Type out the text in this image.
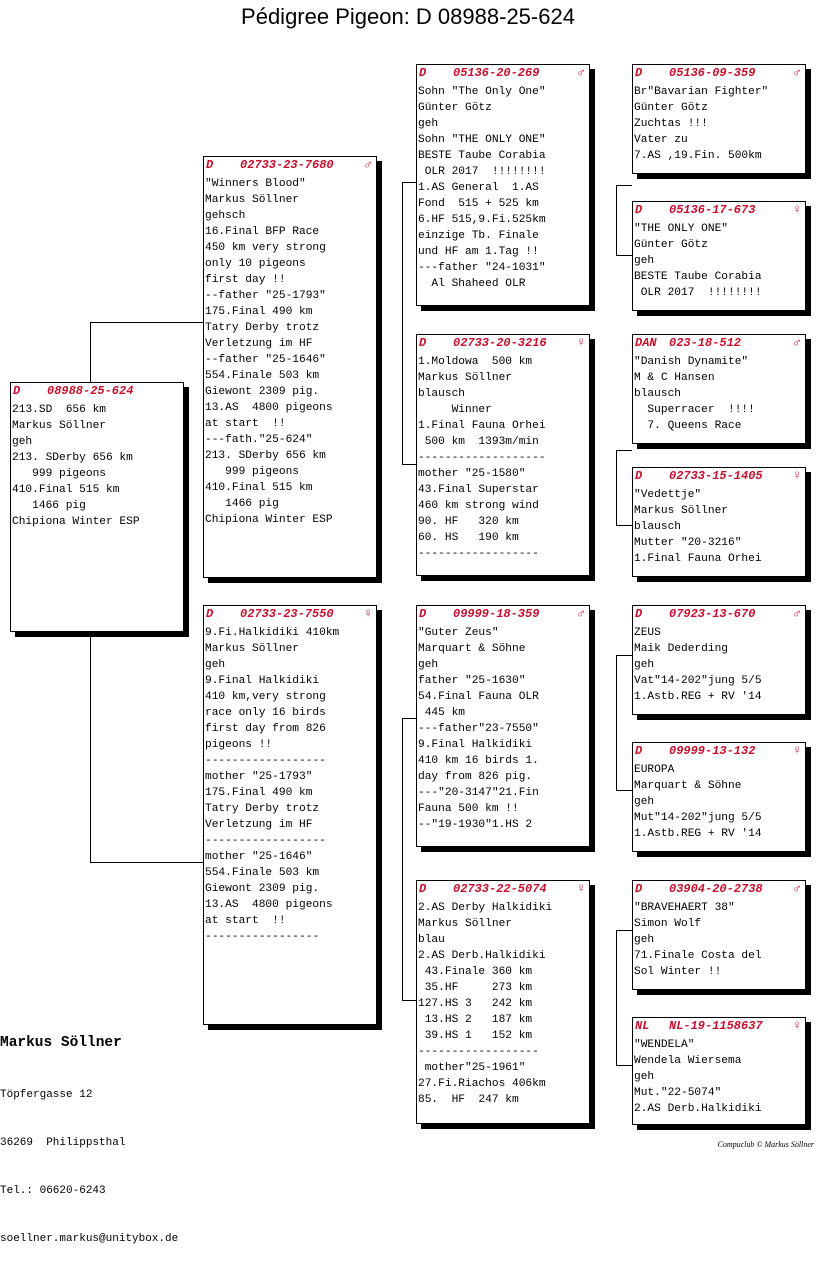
Pédigree Pigeon: D 08988-25-624
D 08988-25-624
213.SD  656 km
Markus Söllner
geh
213. SDerby 656 km
999 pigeons
410.Final 515 km
1466 pig
Chipiona Winter ESP
D 02733-23-7680 ♂
"Winners Blood"
Markus Söllner
gehsch
16.Final BFP Race
450 km very strong
only 10 pigeons
first day !!
--father "25-1793"
175.Final 490 km
Tatry Derby trotz
Verletzung im HF
--father "25-1646"
554.Finale 503 km
Giewont 2309 pig.
13.AS  4800 pigeons
at start  !!
---fath."25-624"
213. SDerby 656 km
999 pigeons
410.Final 515 km
1466 pig
Chipiona Winter ESP
D 02733-23-7550 ♀
9.Fi.Halkidiki 410km
Markus Söllner
geh
9.Final Halkidiki
410 km,very strong
race only 16 birds
first day from 826
pigeons !!
------------------
mother "25-1793"
175.Final 490 km
Tatry Derby trotz
Verletzung im HF
------------------
mother "25-1646"
554.Finale 503 km
Giewont 2309 pig.
13.AS  4800 pigeons
at start  !!
-----------------
D 05136-20-269	♂
Sohn "The Only One"
Günter Götz
geh
Sohn "THE ONLY ONE"
BESTE Taube Corabia
OLR 2017  !!!!!!!!
1.AS General  1.AS
Fond  515 + 525 km
6.HF 515,9.Fi.525km
einzige Tb. Finale
und HF am 1.Tag !!
---father "24-1031"
Al Shaheed OLR
D 02733-20-3216 ♀
1.Moldowa  500 km
Markus Söllner
blausch
Winner
1.Final Fauna Orhei
500 km  1393m/min
-------------------
mother "25-1580"
43.Final Superstar
460 km strong wind
90. HF   320 km
60. HS   190 km
------------------
D 09999-18-359	♂
"Guter Zeus"
Marquart & Söhne
geh
father "25-1630"
54.Final Fauna OLR
445 km
---father"23-7550"
9.Final Halkidiki
410 km 16 birds 1.
day from 826 pig.
---"20-3147"21.Fin
Fauna 500 km !!
--"19-1930"1.HS 2
D 02733-22-5074 ♀
2.AS Derby Halkidiki
Markus Söllner
blau
2.AS Derb.Halkidiki
43.Finale 360 km
35.HF     273 km
127.HS 3   242 km
13.HS 2   187 km
39.HS 1   152 km
------------------
mother"25-1961"
27.Fi.Riachos 406km
85.  HF  247 km
D 05136-09-359	♂
Br"Bavarian Fighter"
Günter Götz
Zuchtas !!!
Vater zu
7.AS ,19.Fin. 500km
D 05136-17-673	♀
"THE ONLY ONE"
Günter Götz
geh
BESTE Taube Corabia
OLR 2017  !!!!!!!!
DAN 023-18-512	♂
"Danish Dynamite"
M & C Hansen
blausch
Superracer  !!!!
7. Queens Race
D 02733-15-1405 ♀
"Vedettje"
Markus Söllner
blausch
Mutter "20-3216"
1.Final Fauna Orhei
D 07923-13-670	♂
ZEUS
Maik Dederding
geh
Vat"14-202"jung 5/5
1.Astb.REG + RV '14
D 09999-13-132	♀
EUROPA
Marquart & Söhne
geh
Mut"14-202"jung 5/5
1.Astb.REG + RV '14
D 03904-20-2738 ♂
"BRAVEHAERT 38"
Simon Wolf
geh
71.Finale Costa del
Sol Winter !!
NL NL-19-1158637 ♀
"WENDELA"
Wendela Wiersema
geh
Mut."22-5074"
2.AS Derb.Halkidiki
Markus Söllner

Töpfergasse 12

36269  Philippsthal

Tel.: 06620-6243

soellner.markus@unitybox.de

Compuclub © Markus Söllner
